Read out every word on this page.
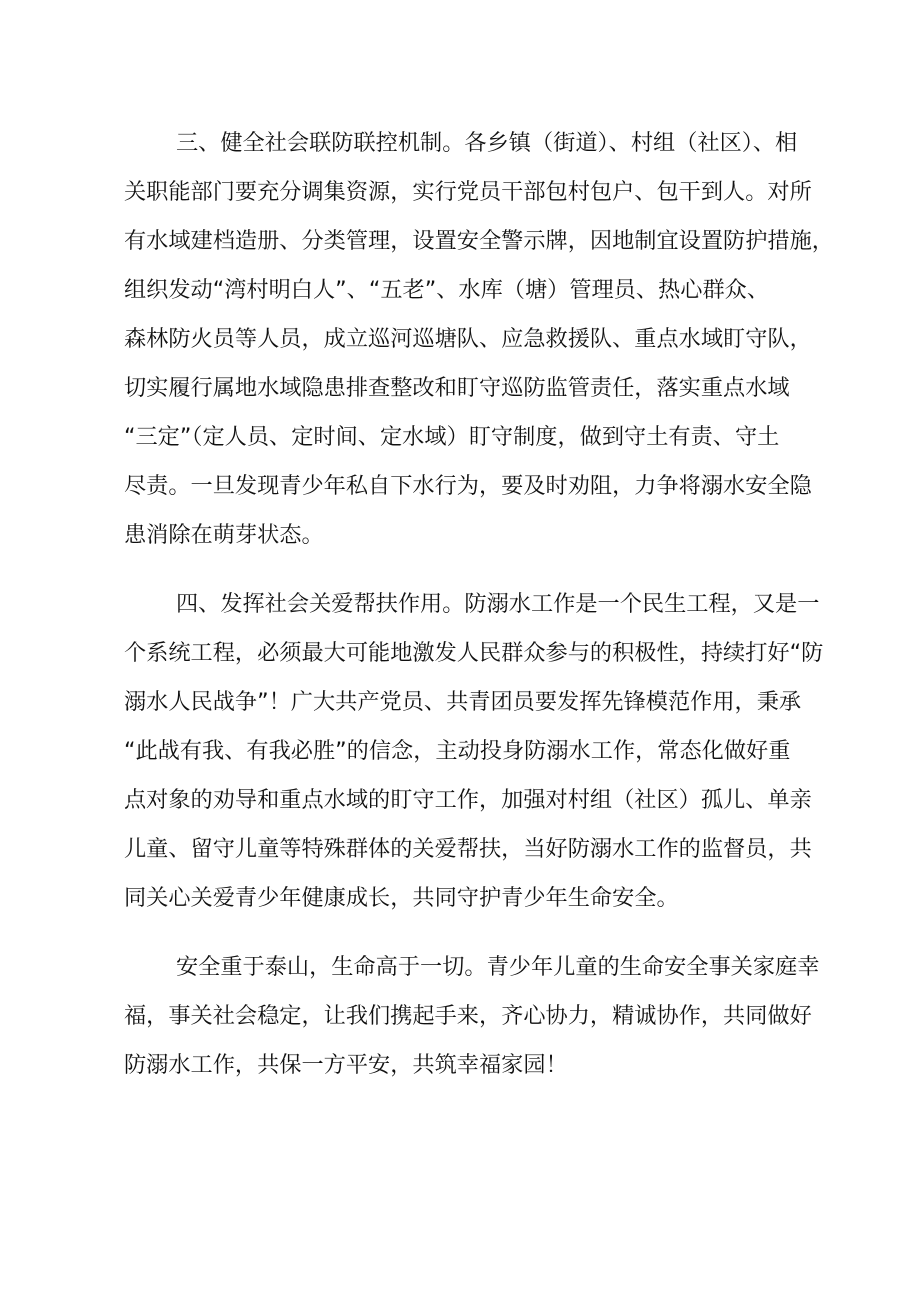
三、健全社会联防联控机制。各乡镇（街道）、村组（社区）、相
关职能部门要充分调集资源，实行党员干部包村包户、包干到人。对所
有水域建档造册、分类管理，设置安全警示牌，因地制宜设置防护措施，
组织发动“湾村明白人”、“五老”、水库（塘）管理员、热心群众、
森林防火员等人员，成立巡河巡塘队、应急救援队、重点水域盯守队，
切实履行属地水域隐患排查整改和盯守巡防监管责任，落实重点水域
“三定”（定人员、定时间、定水域）盯守制度，做到守土有责、守土
尽责。一旦发现青少年私自下水行为，要及时劝阻，力争将溺水安全隐
患消除在萌芽状态。
四、发挥社会关爱帮扶作用。防溺水工作是一个民生工程，又是一
个系统工程，必须最大可能地激发人民群众参与的积极性，持续打好“防
溺水人民战争”！广大共产党员、共青团员要发挥先锋模范作用，秉承
“此战有我、有我必胜”的信念，主动投身防溺水工作，常态化做好重
点对象的劝导和重点水域的盯守工作，加强对村组（社区）孤儿、单亲
儿童、留守儿童等特殊群体的关爱帮扶，当好防溺水工作的监督员，共
同关心关爱青少年健康成长，共同守护青少年生命安全。
安全重于泰山，生命高于一切。青少年儿童的生命安全事关家庭幸
福，事关社会稳定，让我们携起手来，齐心协力，精诚协作，共同做好
防溺水工作，共保一方平安，共筑幸福家园！
